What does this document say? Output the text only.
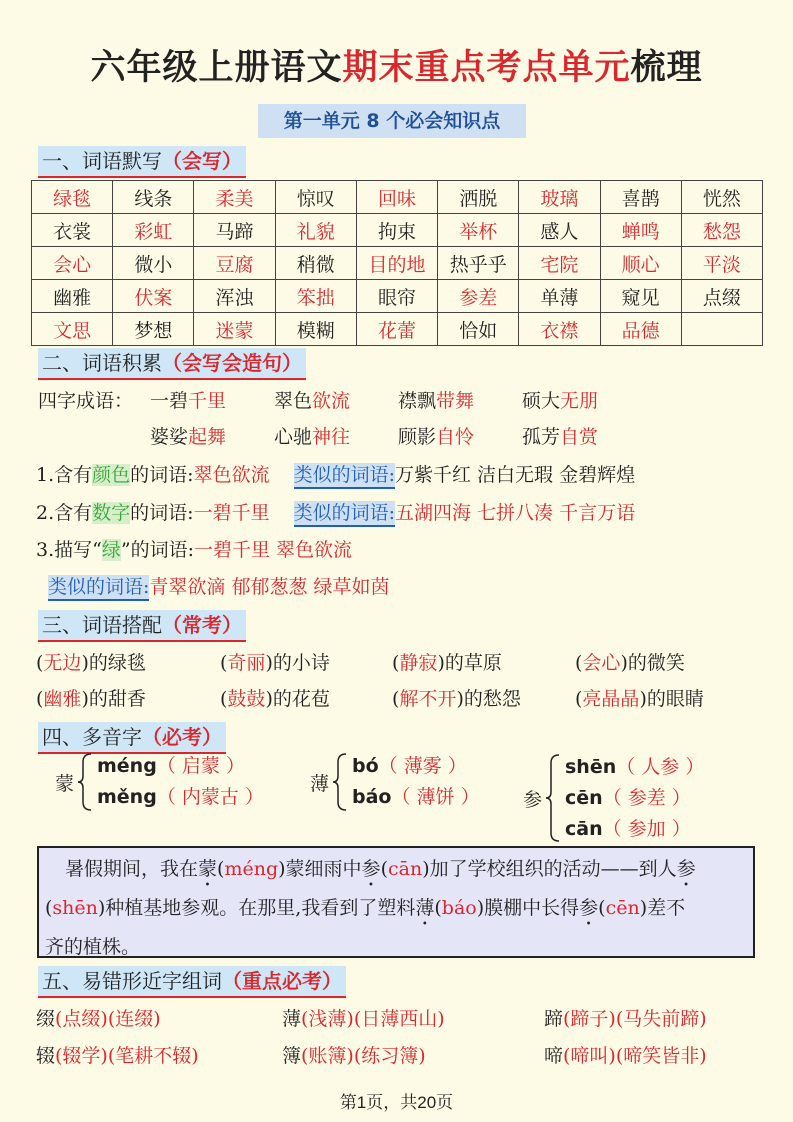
六年级上册语文期末重点考点单元梳理
第一单元 8 个必会知识点
一、词语默写（会写）
绿毯	线条	柔美	惊叹	回味	洒脱	玻璃	喜鹊	恍然
衣裳	彩虹	马蹄	礼貌	拘束	举杯	感人	蝉鸣	愁怨
会心	微小	豆腐	稍微	目的地	热乎乎	宅院	顺心	平淡
幽雅	伏案	浑浊	笨拙	眼帘	参差	单薄	窥见	点缀
文思	梦想	迷蒙	模糊	花蕾	恰如	衣襟	品德	
二、词语积累（会写会造句）
四字成语： 一碧千里	翠色欲流	襟飘带舞	硕大无朋
婆娑起舞	心驰神往	顾影自怜	孤芳自赏
1.含有颜色的词语:翠色欲流 类似的词语:万紫千红 洁白无瑕 金碧辉煌
2.含有数字的词语:一碧千里 类似的词语:五湖四海 七拼八凑 千言万语
3.描写“绿”的词语:一碧千里 翠色欲流
类似的词语:青翠欲滴 郁郁葱葱 绿草如茵
三、词语搭配（常考）
(无边)的绿毯	(奇丽)的小诗	(静寂)的草原	(会心)的微笑
(幽雅)的甜香	(鼓鼓)的花苞	(解不开)的愁怨	(亮晶晶)的眼睛
四、多音字（必考）
蒙
méng（ 启蒙 ）
měng（ 内蒙古 ）
薄
bó（ 薄雾 ）
báo（ 薄饼 ） 参
shēn（ 人参 ）
cēn（ 参差 ）
cān（ 参加 ）
暑假期间，我在蒙(méng)蒙细雨中参(cān)加了学校组织的活动——到人参
(shēn)种植基地参观。在那里,我看到了塑料薄(báo)膜棚中长得参(cēn)差不
齐的植株。
五、易错形近字组词（重点必考）
缀(点缀)(连缀)	薄(浅薄)(日薄西山)	蹄(蹄子)(马失前蹄)
辍(辍学)(笔耕不辍)	簿(账簿)(练习簿)	啼(啼叫)(啼笑皆非)
第1页，共20页
